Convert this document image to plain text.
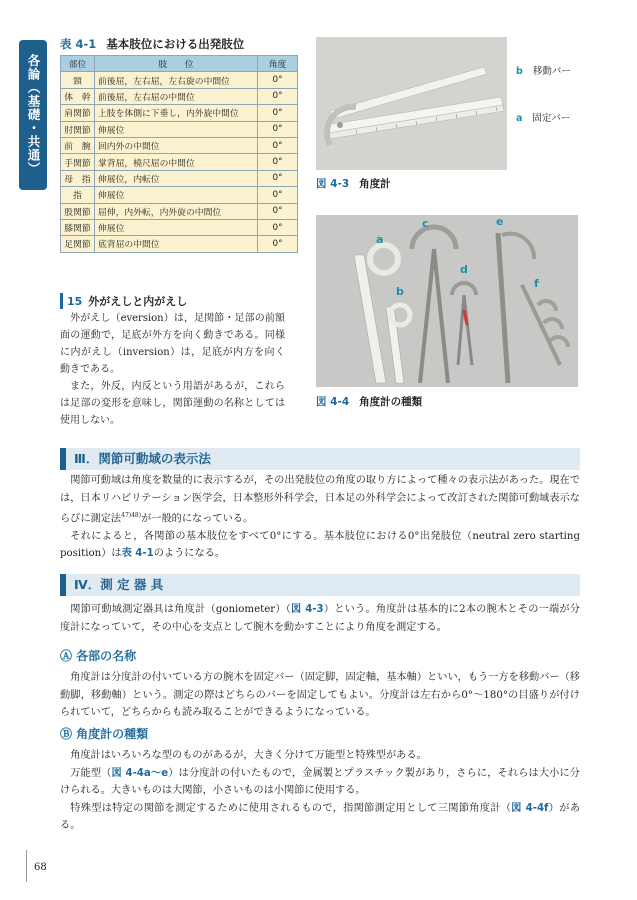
各論（基礎・共通）
表 4-1 基本肢位における出発肢位
部位	肢　　位	角度
頸	前後屈，左右屈，左右旋の中間位	0°
体　幹	前後屈，左右屈の中間位	0°
肩関節	上肢を体側に下垂し，内外旋中間位	0°
肘関節	伸展位	0°
前　腕	回内外の中間位	0°
手関節	掌背屈，橈尺屈の中間位	0°
母　指	伸展位，内転位	0°
指	伸展位	0°
股関節	屈伸，内外転，内外旋の中間位	0°
膝関節	伸展位	0°
足関節	底背屈の中間位	0°
b 移動バー
a 固定バー
図 4-3 角度計
a
b
c
d
e
f
図 4-4 角度計の種類
15 外がえしと内がえし

外がえし（eversion）は，足関節・足部の前額面の運動で，足底が外方を向く動きである。同様に内がえし（inversion）は，足底が内方を向く動きである。

また，外反，内反という用語があるが，これらは足部の変形を意味し，関節運動の名称としては使用しない。

Ⅲ．関節可動域の表示法

関節可動域は角度を数量的に表示するが，その出発肢位の角度の取り方によって種々の表示法があった。現在では，日本リハビリテーション医学会，日本整形外科学会，日本足の外科学会によって改訂された関節可動域表示ならびに測定法$^{47)48)}$が一般的になっている。

それによると，各関節の基本肢位をすべて0°にする。基本肢位における0°出発肢位（neutral zero starting position）は表 4-1のようになる。

Ⅳ．測 定 器 具

関節可動域測定器具は角度計（goniometer）（図 4-3）という。角度計は基本的に2本の腕木とその一端が分度計になっていて，その中心を支点として腕木を動かすことにより角度を測定する。

Ⓐ 各部の名称

角度計は分度計の付いている方の腕木を固定バー（固定脚，固定軸，基本軸）といい，もう一方を移動バー（移動脚，移動軸）という。測定の際はどちらのバーを固定してもよい。分度計は左右から0°～180°の目盛りが付けられていて，どちらからも読み取ることができるようになっている。

Ⓑ 角度計の種類

角度計はいろいろな型のものがあるが，大きく分けて万能型と特殊型がある。

万能型（図 4-4a〜e）は分度計の付いたもので，金属製とプラスチック製があり，さらに，それらは大小に分けられる。大きいものは大関節，小さいものは小関節に使用する。

特殊型は特定の関節を測定するために使用されるもので，指関節測定用として三関節角度計（図 4-4f）がある。

68
